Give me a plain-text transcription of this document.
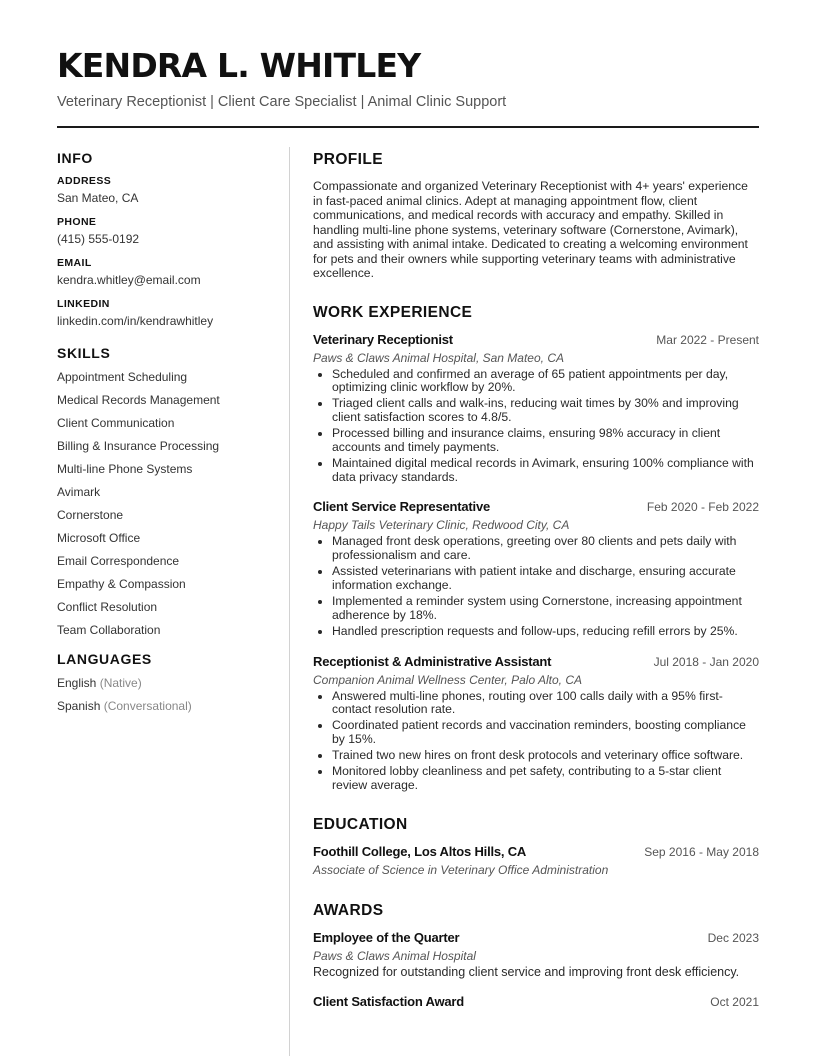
KENDRA L. WHITLEY
Veterinary Receptionist | Client Care Specialist | Animal Clinic Support
INFO
ADDRESS
San Mateo, CA
PHONE
(415) 555-0192
EMAIL
kendra.whitley@email.com
LINKEDIN
linkedin.com/in/kendrawhitley
SKILLS
Appointment Scheduling
Medical Records Management
Client Communication
Billing & Insurance Processing
Multi-line Phone Systems
Avimark
Cornerstone
Microsoft Office
Email Correspondence
Empathy & Compassion
Conflict Resolution
Team Collaboration
LANGUAGES
English (Native)
Spanish (Conversational)
PROFILE

Compassionate and organized Veterinary Receptionist with 4+ years' experience in fast-paced animal clinics. Adept at managing appointment flow, client communications, and medical records with accuracy and empathy. Skilled in handling multi-line phone systems, veterinary software (Cornerstone, Avimark), and assisting with animal intake. Dedicated to creating a welcoming environment for pets and their owners while supporting veterinary teams with administrative excellence.

WORK EXPERIENCE
Veterinary Receptionist	Mar 2022 - Present
Paws & Claws Animal Hospital, San Mateo, CA
• Scheduled and confirmed an average of 65 patient appointments per day, optimizing clinic workflow by 20%.
• Triaged client calls and walk-ins, reducing wait times by 30% and improving client satisfaction scores to 4.8/5.
• Processed billing and insurance claims, ensuring 98% accuracy in client accounts and timely payments.
• Maintained digital medical records in Avimark, ensuring 100% compliance with data privacy standards.
Client Service Representative	Feb 2020 - Feb 2022
Happy Tails Veterinary Clinic, Redwood City, CA
• Managed front desk operations, greeting over 80 clients and pets daily with professionalism and care.
• Assisted veterinarians with patient intake and discharge, ensuring accurate information exchange.
• Implemented a reminder system using Cornerstone, increasing appointment adherence by 18%.
• Handled prescription requests and follow-ups, reducing refill errors by 25%.
Receptionist & Administrative Assistant	Jul 2018 - Jan 2020
Companion Animal Wellness Center, Palo Alto, CA
• Answered multi-line phones, routing over 100 calls daily with a 95% first-contact resolution rate.
• Coordinated patient records and vaccination reminders, boosting compliance by 15%.
• Trained two new hires on front desk protocols and veterinary office software.
• Monitored lobby cleanliness and pet safety, contributing to a 5-star client review average.
EDUCATION
Foothill College, Los Altos Hills, CA	Sep 2016 - May 2018
Associate of Science in Veterinary Office Administration
AWARDS
Employee of the Quarter	Dec 2023
Paws & Claws Animal Hospital
Recognized for outstanding client service and improving front desk efficiency.
Client Satisfaction Award	Oct 2021
